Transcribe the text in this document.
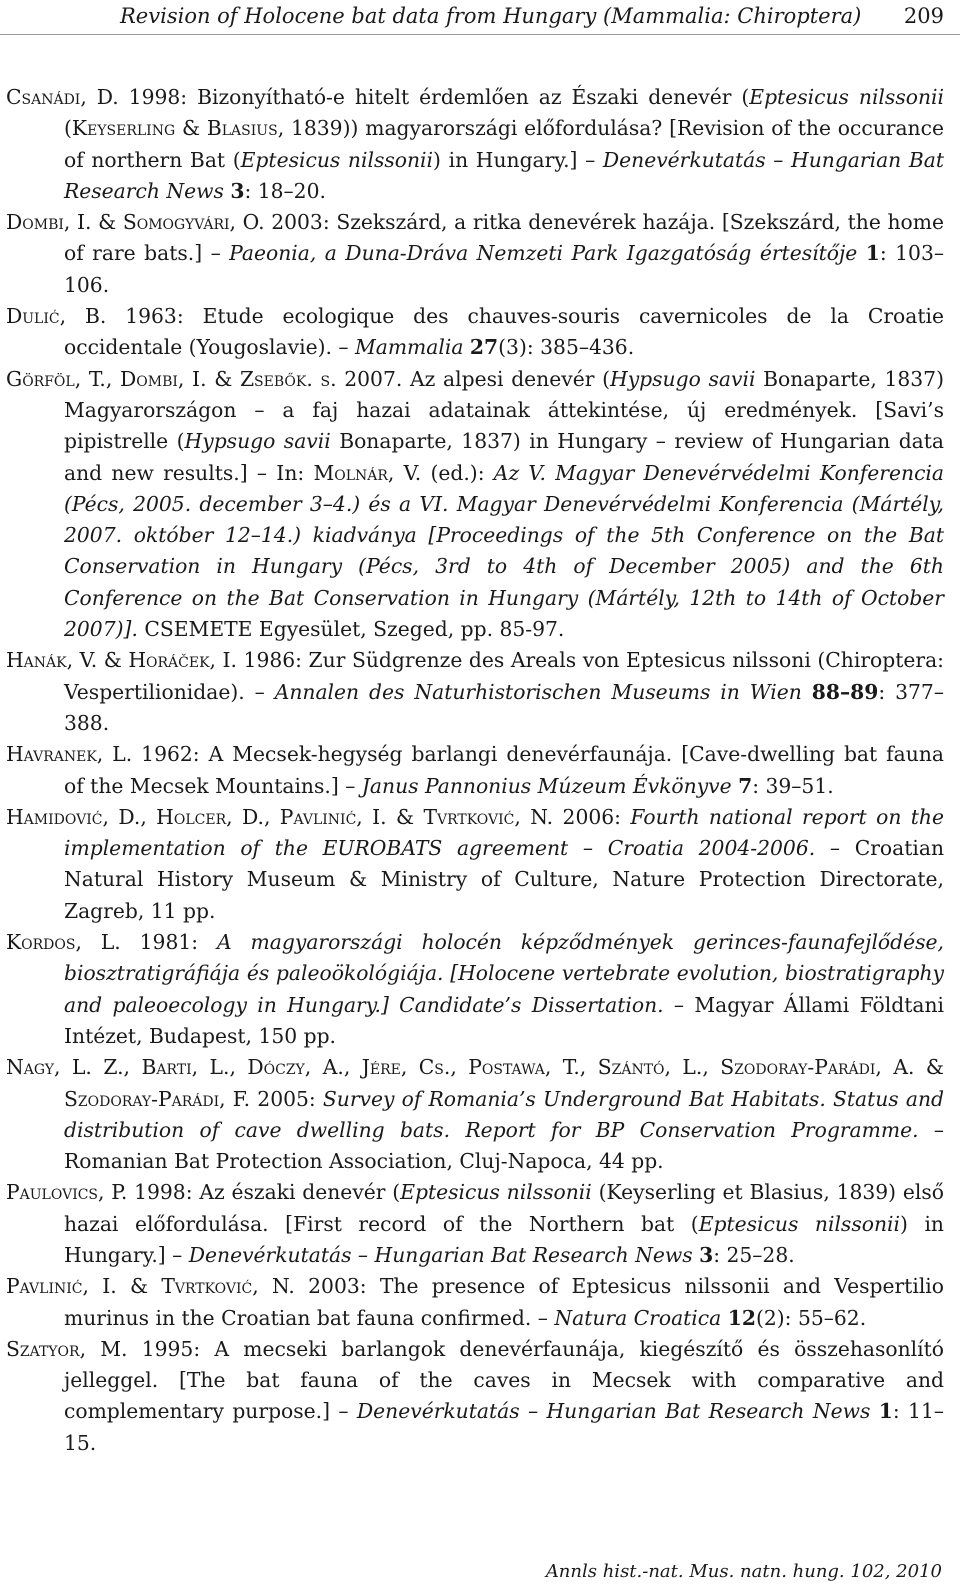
Revision of Holocene bat data from Hungary (Mammalia: Chiroptera) 209

Csanádi, D. 1998: Bizonyítható-e hitelt érdemlően az Északi denevér (Eptesicus nilssonii (Keyserling & Blasius, 1839)) magyarországi előfordulása? [Revision of the occurance of northern Bat (Eptesicus nilssonii) in Hungary.] – Denevérkutatás – Hungarian Bat Research News 3: 18–20.

Dombi, I. & Somogyvári, O. 2003: Szekszárd, a ritka denevérek hazája. [Szekszárd, the home of rare bats.] – Paeonia, a Duna-Dráva Nemzeti Park Igazgatóság értesítője 1: 103–106.

Dulić, B. 1963: Etude ecologique des chauves-souris cavernicoles de la Croatie occidentale (Yougoslavie). – Mammalia 27(3): 385–436.

Görföl, T., Dombi, I. & Zsebők. s. 2007. Az alpesi denevér (Hypsugo savii Bonaparte, 1837) Magyarországon – a faj hazai adatainak áttekintése, új eredmények. [Savi’s pipistrelle (Hypsugo savii Bonaparte, 1837) in Hungary – review of Hungarian data and new results.] – In: Molnár, V. (ed.): Az V. Magyar Denevérvédelmi Konferencia (Pécs, 2005. december 3–4.) és a VI. Magyar Denevérvédelmi Konferencia (Mártély, 2007. október 12–14.) kiadványa [Proceedings of the 5th Conference on the Bat Conservation in Hungary (Pécs, 3rd to 4th of December 2005) and the 6th Conference on the Bat Conservation in Hungary (Mártély, 12th to 14th of October 2007)]. CSEMETE Egyesület, Szeged, pp. 85-97.

Hanák, V. & Horáček, I. 1986: Zur Südgrenze des Areals von Eptesicus nilssoni (Chiroptera: Vespertilionidae). – Annalen des Naturhistorischen Museums in Wien 88–89: 377–388.

Havranek, L. 1962: A Mecsek-hegység barlangi denevérfaunája. [Cave-dwelling bat fauna of the Mecsek Mountains.] – Janus Pannonius Múzeum Évkönyve 7: 39–51.

Hamidović, D., Holcer, D., Pavlinić, I. & Tvrtković, N. 2006: Fourth national report on the implementation of the EUROBATS agreement – Croatia 2004-2006. – Croatian Natural History Museum & Ministry of Culture, Nature Protection Directorate, Zagreb, 11 pp.

Kordos, L. 1981: A magyarországi holocén képződmények gerinces-faunafejlődése, biosztratigráfiája és paleoökológiája. [Holocene vertebrate evolution, biostratigraphy and paleoecology in Hungary.] Candidate’s Dissertation. – Magyar Állami Földtani Intézet, Budapest, 150 pp.

Nagy, L. Z., Barti, L., Dóczy, A., Jére, Cs., Postawa, T., Szántó, L., Szodoray-Parádi, A. & Szodoray-Parádi, F. 2005: Survey of Romania’s Underground Bat Habitats. Status and distribution of cave dwelling bats. Report for BP Conservation Programme. – Romanian Bat Protection Association, Cluj-Napoca, 44 pp.

Paulovics, P. 1998: Az északi denevér (Eptesicus nilssonii (Keyserling et Blasius, 1839) első hazai előfordulása. [First record of the Northern bat (Eptesicus nilssonii) in Hungary.] – Denevérkutatás – Hungarian Bat Research News 3: 25–28.

Pavlinić, I. & Tvrtković, N. 2003: The presence of Eptesicus nilssonii and Vespertilio murinus in the Croatian bat fauna confirmed. – Natura Croatica 12(2): 55–62.

Szatyor, M. 1995: A mecseki barlangok denevérfaunája, kiegészítő és összehasonlító jelleggel. [The bat fauna of the caves in Mecsek with comparative and complementary purpose.] – Denevérkutatás – Hungarian Bat Research News 1: 11–15.

Annls hist.-nat. Mus. natn. hung. 102, 2010
